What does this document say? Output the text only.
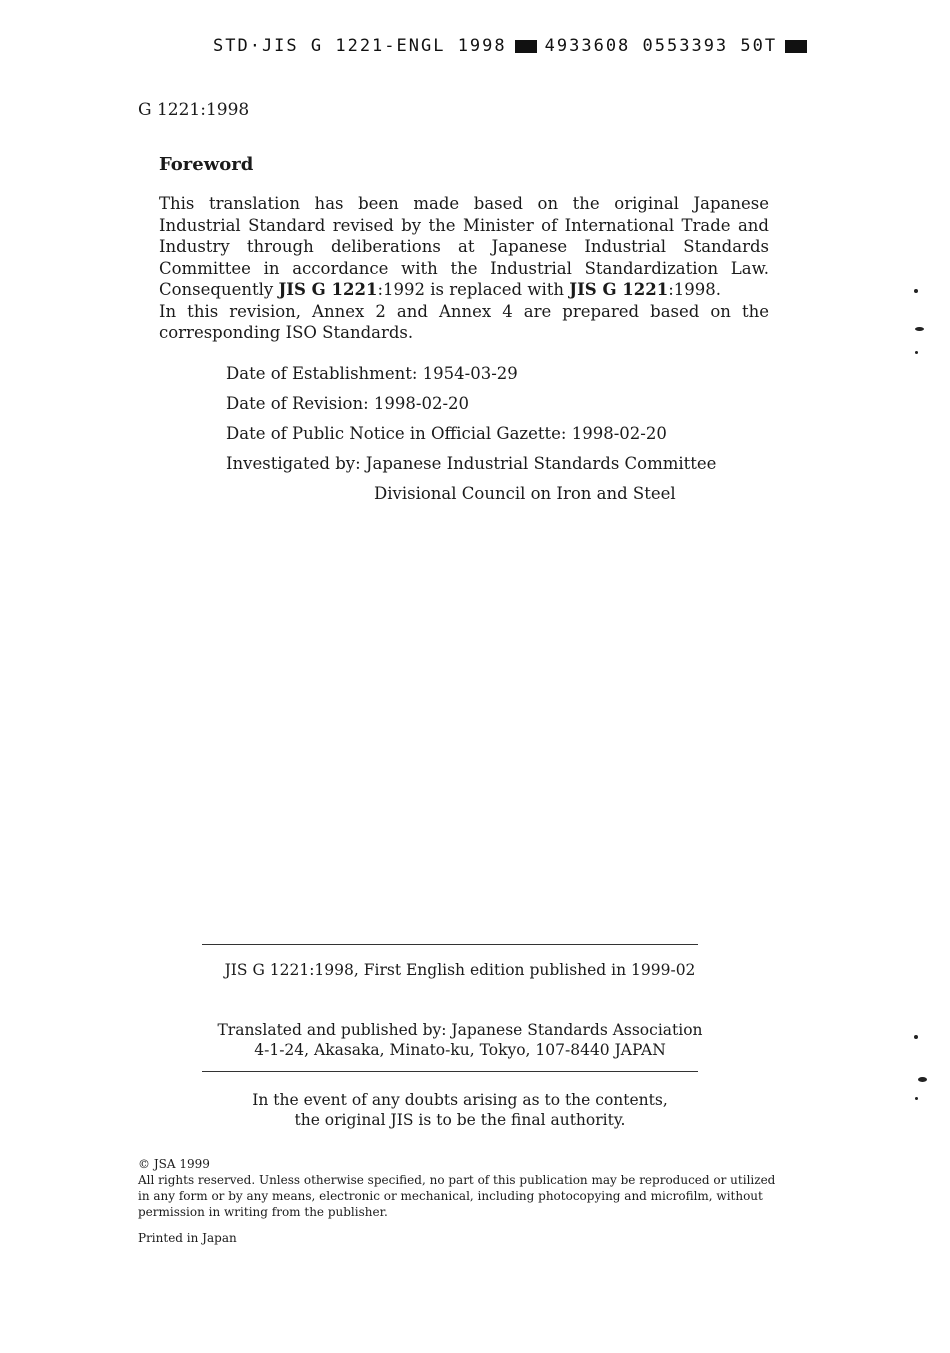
STD·JIS G 1221-ENGL 1998 4933608 0553393 50T
G 1221:1998
Foreword

This translation has been made based on the original Japanese Industrial Standard revised by the Minister of International Trade and Industry through deliberations at Japanese Industrial Standards Committee in accordance with the Industrial Standardization Law. Consequently JIS G 1221:1992 is replaced with JIS G 1221:1998.

In this revision, Annex 2 and Annex 4 are prepared based on the corresponding ISO Standards.

Date of Establishment: 1954-03-29
Date of Revision: 1998-02-20
Date of Public Notice in Official Gazette: 1998-02-20
Investigated by: Japanese Industrial Standards Committee
Divisional Council on Iron and Steel
JIS G 1221:1998, First English edition published in 1999-02
Translated and published by: Japanese Standards Association
4-1-24, Akasaka, Minato-ku, Tokyo, 107-8440 JAPAN
In the event of any doubts arising as to the contents,
the original JIS is to be the final authority.

© JSA 1999

All rights reserved. Unless otherwise specified, no part of this publication may be reproduced or utilized in any form or by any means, electronic or mechanical, including photocopying and microfilm, without permission in writing from the publisher.

Printed in Japan
